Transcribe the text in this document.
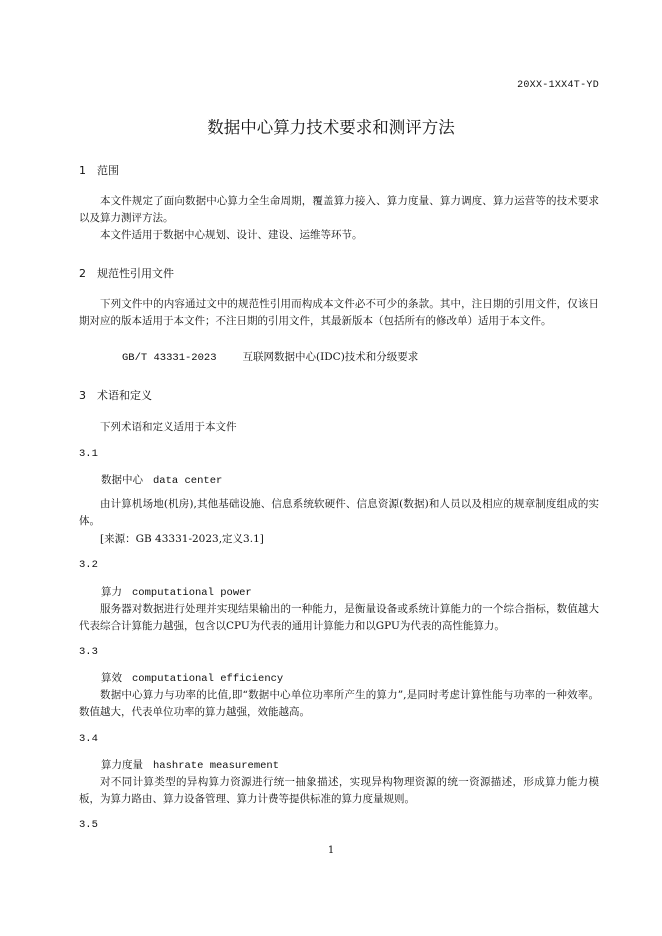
20XX-1XX4T-YD
数据中心算力技术要求和测评方法
1 范围
本文件规定了面向数据中心算力全生命周期，覆盖算力接入、算力度量、算力调度、算力运营等的技术要求以及算力测评方法。
本文件适用于数据中心规划、设计、建设、运维等环节。
2 规范性引用文件
下列文件中的内容通过文中的规范性引用而构成本文件必不可少的条款。其中，注日期的引用文件，仅该日期对应的版本适用于本文件；不注日期的引用文件，其最新版本（包括所有的修改单）适用于本文件。
GB/T 43331-2023 互联网数据中心(IDC)技术和分级要求
3 术语和定义
下列术语和定义适用于本文件
3.1
数据中心 data center
由计算机场地(机房),其他基础设施、信息系统软硬件、信息资源(数据)和人员以及相应的规章制度组成的实体。
[来源：GB 43331-2023,定义3.1]
3.2
算力 computational power
服务器对数据进行处理并实现结果输出的一种能力，是衡量设备或系统计算能力的一个综合指标，数值越大代表综合计算能力越强，包含以CPU为代表的通用计算能力和以GPU为代表的高性能算力。
3.3
算效 computational efficiency
数据中心算力与功率的比值,即“数据中心单位功率所产生的算力”,是同时考虑计算性能与功率的一种效率。数值越大，代表单位功率的算力越强，效能越高。
3.4
算力度量 hashrate measurement
对不同计算类型的异构算力资源进行统一抽象描述，实现异构物理资源的统一资源描述，形成算力能力模板，为算力路由、算力设备管理、算力计费等提供标准的算力度量规则。
3.5
1
